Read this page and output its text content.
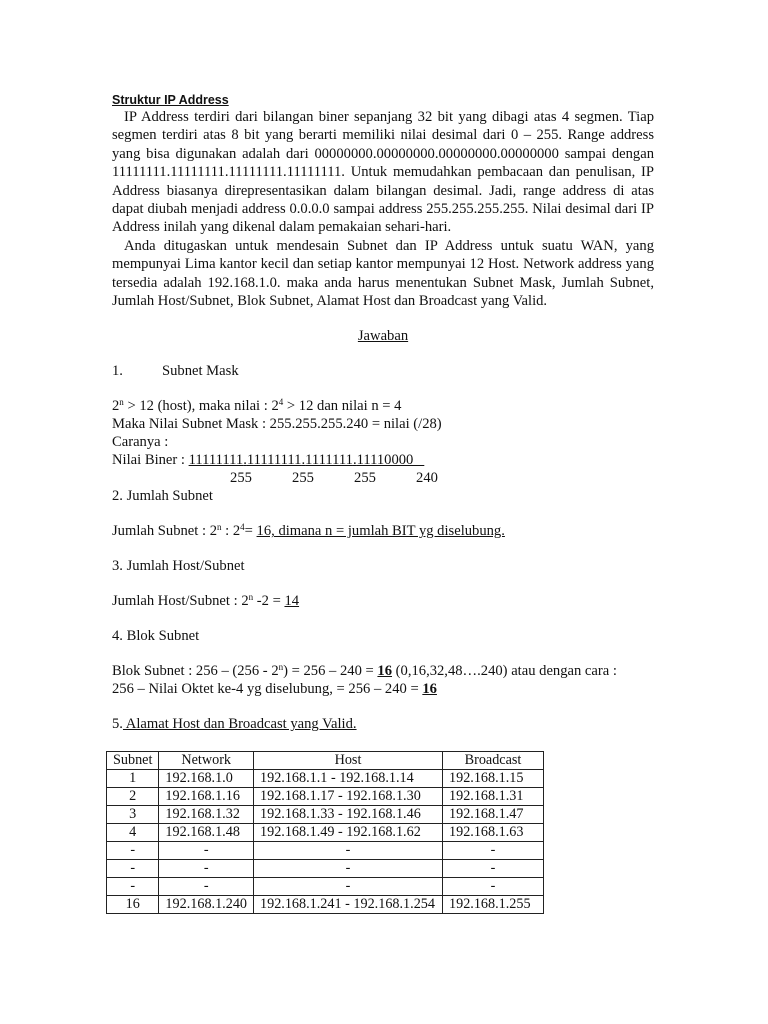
Struktur IP Address

IP Address terdiri dari bilangan biner sepanjang 32 bit yang dibagi atas 4 segmen. Tiap segmen terdiri atas 8 bit yang berarti memiliki nilai desimal dari 0 – 255. Range address yang bisa digunakan adalah dari 00000000.00000000.00000000.00000000 sampai dengan 11111111.11111111.11111111.11111111. Untuk memudahkan pembacaan dan penulisan, IP Address biasanya direpresentasikan dalam bilangan desimal. Jadi, range address di atas dapat diubah menjadi address 0.0.0.0 sampai address 255.255.255.255. Nilai desimal dari IP Address inilah yang dikenal dalam pemakaian sehari-hari.

Anda ditugaskan untuk mendesain Subnet dan IP Address untuk suatu WAN, yang mempunyai Lima kantor kecil dan setiap kantor mempunyai 12 Host. Network address yang tersedia adalah 192.168.1.0. maka anda harus menentukan Subnet Mask, Jumlah Subnet, Jumlah Host/Subnet, Blok Subnet, Alamat Host dan Broadcast yang Valid.

Jawaban
1.	Subnet Mask
$2^n > 12$ (host), maka nilai : $2^4 > 12$ dan nilai n = 4
Maka Nilai Subnet Mask : 255.255.255.240 = nilai (/28)
Caranya :
Nilai Biner : 11111111.11111111.1111111.11110000
255	255	255	240
2. Jumlah Subnet
Jumlah Subnet : 2$^n$ : $2^4= 16$, dimana n = jumlah BIT yg diselubung.
3. Jumlah Host/Subnet
Jumlah Host/Subnet : 2$^n$ -2 = 14
4. Blok Subnet
Blok Subnet : $256 - (256 - 2^n) = 256 - 240 = 16$ (0,16,32,48….240) atau dengan cara :
256 – Nilai Oktet ke-4 yg diselubung, = 256 – 240 = 16
5. Alamat Host dan Broadcast yang Valid.
Subnet	Network	Host	Broadcast
1	192.168.1.0	192.168.1.1 - 192.168.1.14	192.168.1.15
2	192.168.1.16	192.168.1.17 - 192.168.1.30	192.168.1.31
3	192.168.1.32	192.168.1.33 - 192.168.1.46	192.168.1.47
4	192.168.1.48	192.168.1.49 - 192.168.1.62	192.168.1.63
-	-	-	-
-	-	-	-
-	-	-	-
16	192.168.1.240	192.168.1.241 - 192.168.1.254	192.168.1.255
